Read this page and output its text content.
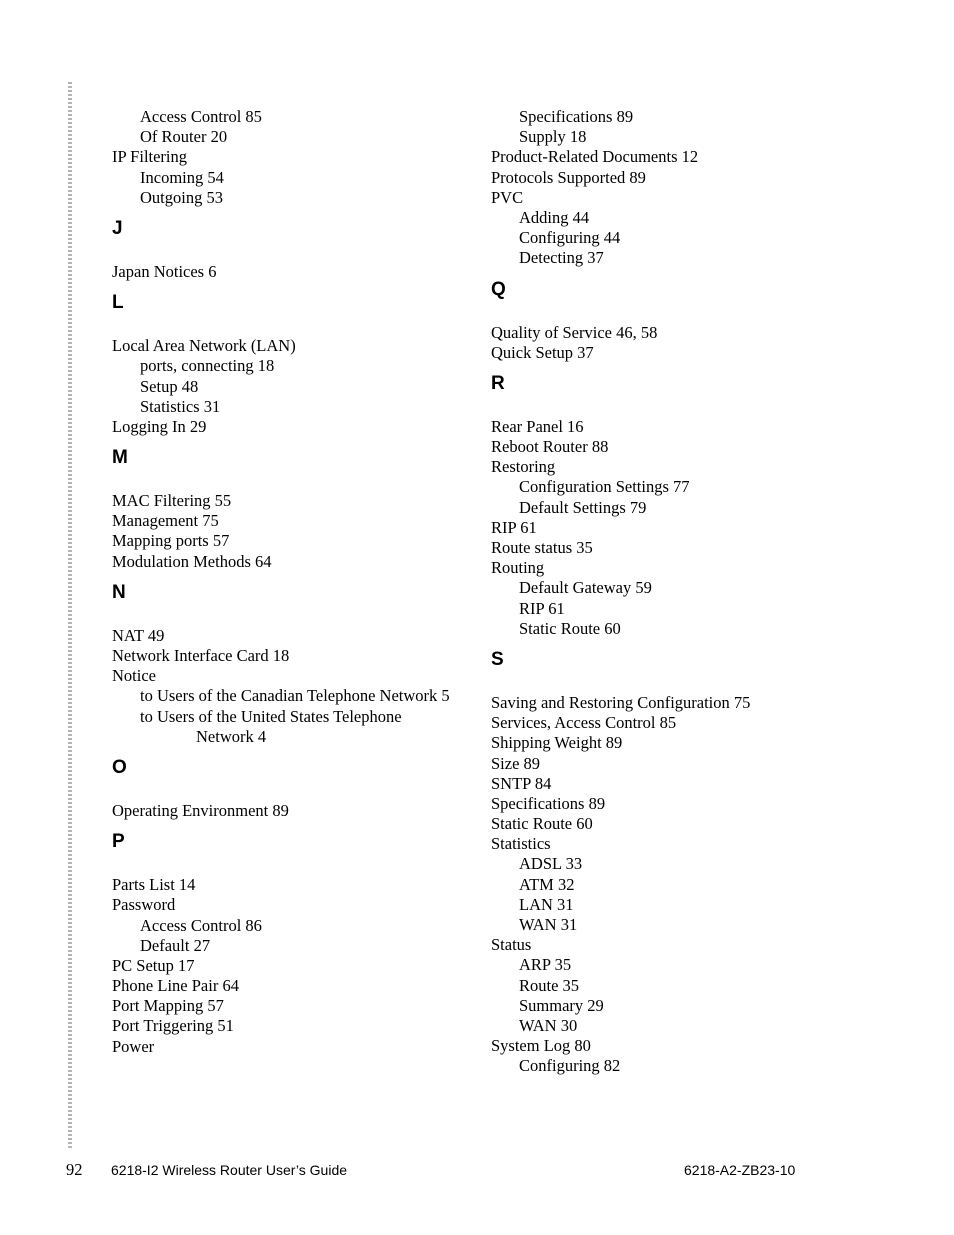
Access Control 85
Of Router 20
IP Filtering
Incoming 54
Outgoing 53
J
Japan Notices 6
L
Local Area Network (LAN)
ports, connecting 18
Setup 48
Statistics 31
Logging In 29
M
MAC Filtering 55
Management 75
Mapping ports 57
Modulation Methods 64
N
NAT 49
Network Interface Card 18
Notice
to Users of the Canadian Telephone Network 5
to Users of the United States Telephone
Network 4
O
Operating Environment 89
P
Parts List 14
Password
Access Control 86
Default 27
PC Setup 17
Phone Line Pair 64
Port Mapping 57
Port Triggering 51
Power
Specifications 89
Supply 18
Product-Related Documents 12
Protocols Supported 89
PVC
Adding 44
Configuring 44
Detecting 37
Q
Quality of Service 46, 58
Quick Setup 37
R
Rear Panel 16
Reboot Router 88
Restoring
Configuration Settings 77
Default Settings 79
RIP 61
Route status 35
Routing
Default Gateway 59
RIP 61
Static Route 60
S
Saving and Restoring Configuration 75
Services, Access Control 85
Shipping Weight 89
Size 89
SNTP 84
Specifications 89
Static Route 60
Statistics
ADSL 33
ATM 32
LAN 31
WAN 31
Status
ARP 35
Route 35
Summary 29
WAN 30
System Log 80
Configuring 82
92 6218-I2 Wireless Router User’s Guide	6218-A2-ZB23-10
